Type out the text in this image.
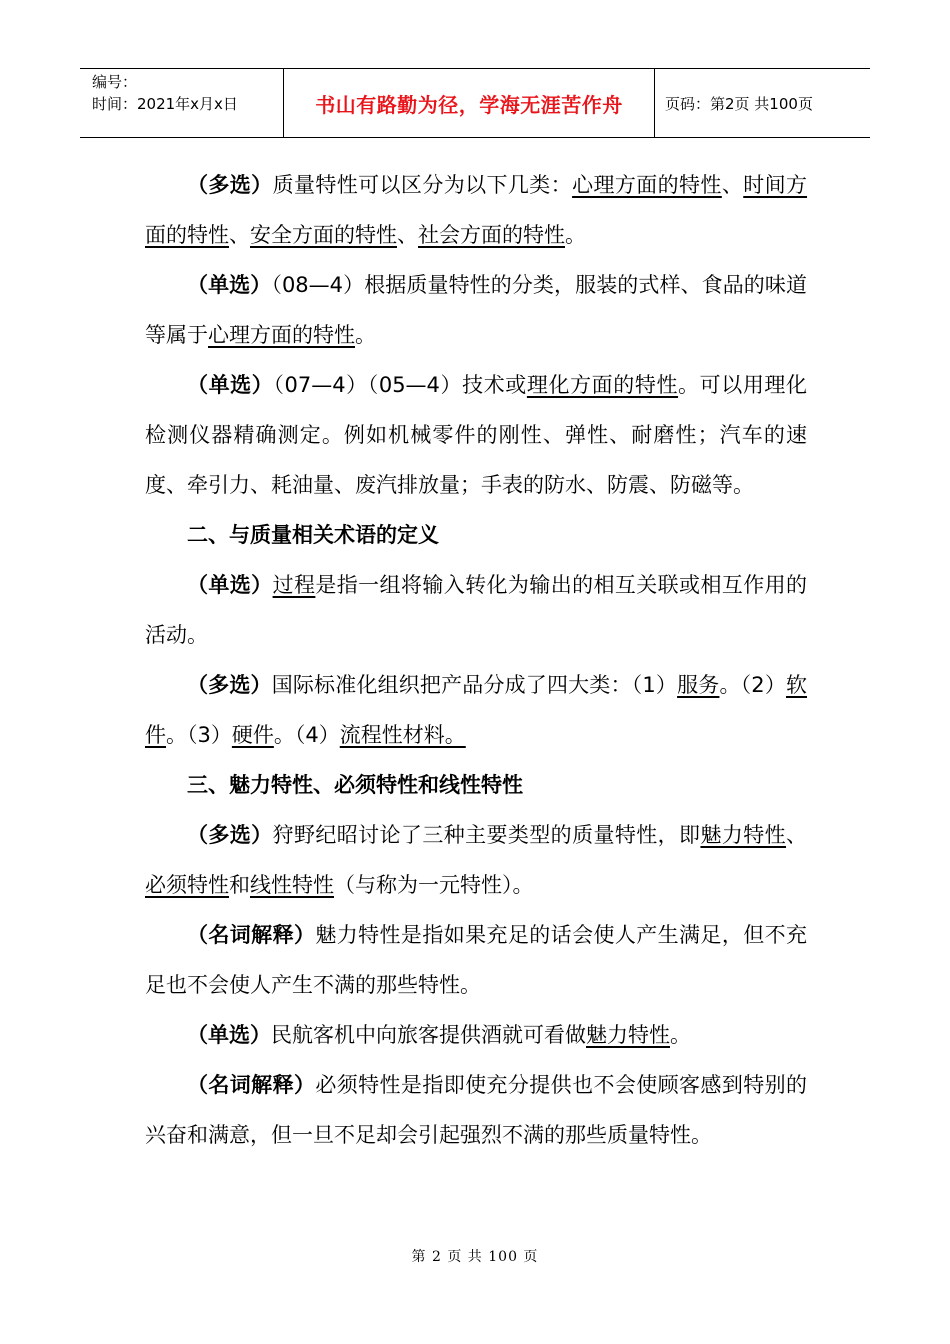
编号：
时间：2021年x月x日	书山有路勤为径，学海无涯苦作舟	页码：第2页 共100页

（多选）质量特性可以区分为以下几类：心理方面的特性、时间方面的特性、安全方面的特性、社会方面的特性。

（单选）（08—4）根据质量特性的分类，服装的式样、食品的味道等属于心理方面的特性。

（单选）（07—4）（05—4）技术或理化方面的特性。可以用理化检测仪器精确测定。例如机械零件的刚性、弹性、耐磨性；汽车的速度、牵引力、耗油量、废汽排放量；手表的防水、防震、防磁等。

二、与质量相关术语的定义

（单选）过程是指一组将输入转化为输出的相互关联或相互作用的活动。

（多选）国际标准化组织把产品分成了四大类：（1）服务。（2）软件。（3）硬件。（4）流程性材料。

三、魅力特性、必须特性和线性特性

（多选）狩野纪昭讨论了三种主要类型的质量特性，即魅力特性、必须特性和线性特性（与称为一元特性）。

（名词解释）魅力特性是指如果充足的话会使人产生满足，但不充足也不会使人产生不满的那些特性。

（单选）民航客机中向旅客提供酒就可看做魅力特性。

（名词解释）必须特性是指即使充分提供也不会使顾客感到特别的兴奋和满意，但一旦不足却会引起强烈不满的那些质量特性。

第 2 页 共 100 页
